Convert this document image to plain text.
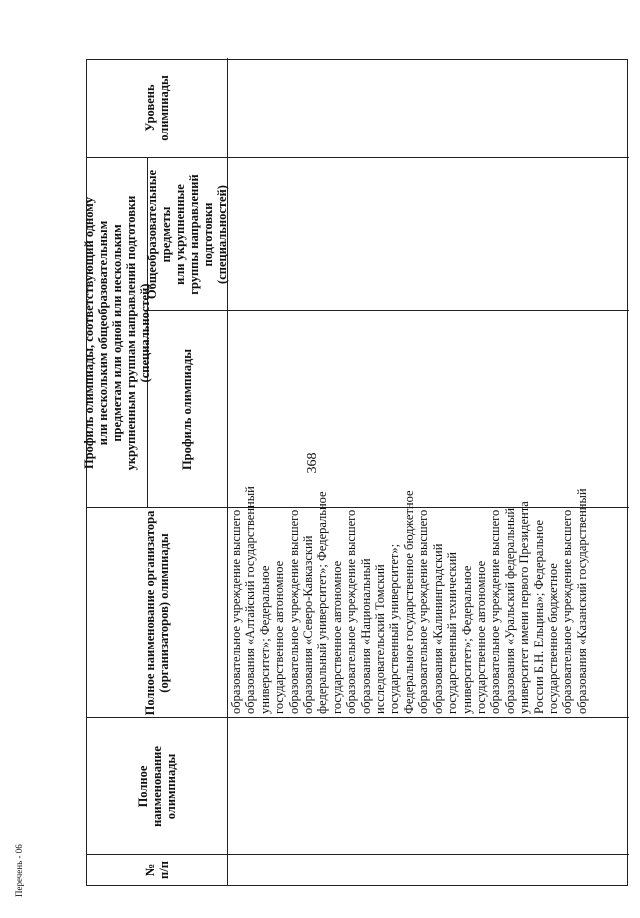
368
№ п/п
Полное наименование олимпиады
Полное наименование организатора (организаторов) олимпиады
Профиль олимпиады, соответствующий одному или нескольким общеобразовательным предметам или одной или нескольким укрупненным группам направлений подготовки (специальностей)
Профиль олимпиады
Общеобразовательные предметы или укрупненные группы направлений подготовки (специальностей)
Уровень олимпиады
образовательное учреждение высшего образования «Алтайский государственный университет»; Федеральное государственное автономное образовательное учреждение высшего образования «Северо-Кавказский федеральный университет»; Федеральное государственное автономное образовательное учреждение высшего образования «Национальный исследовательский Томский государственный университет»; Федеральное государственное бюджетное образовательное учреждение высшего образования «Калининградский государственный технический университет»; Федеральное государственное автономное образовательное учреждение высшего образования «Уральский федеральный университет имени первого Президента России Б.Н. Ельцина»; Федеральное государственное бюджетное образовательное учреждение высшего образования «Казанский государственный
Перечень - 06
